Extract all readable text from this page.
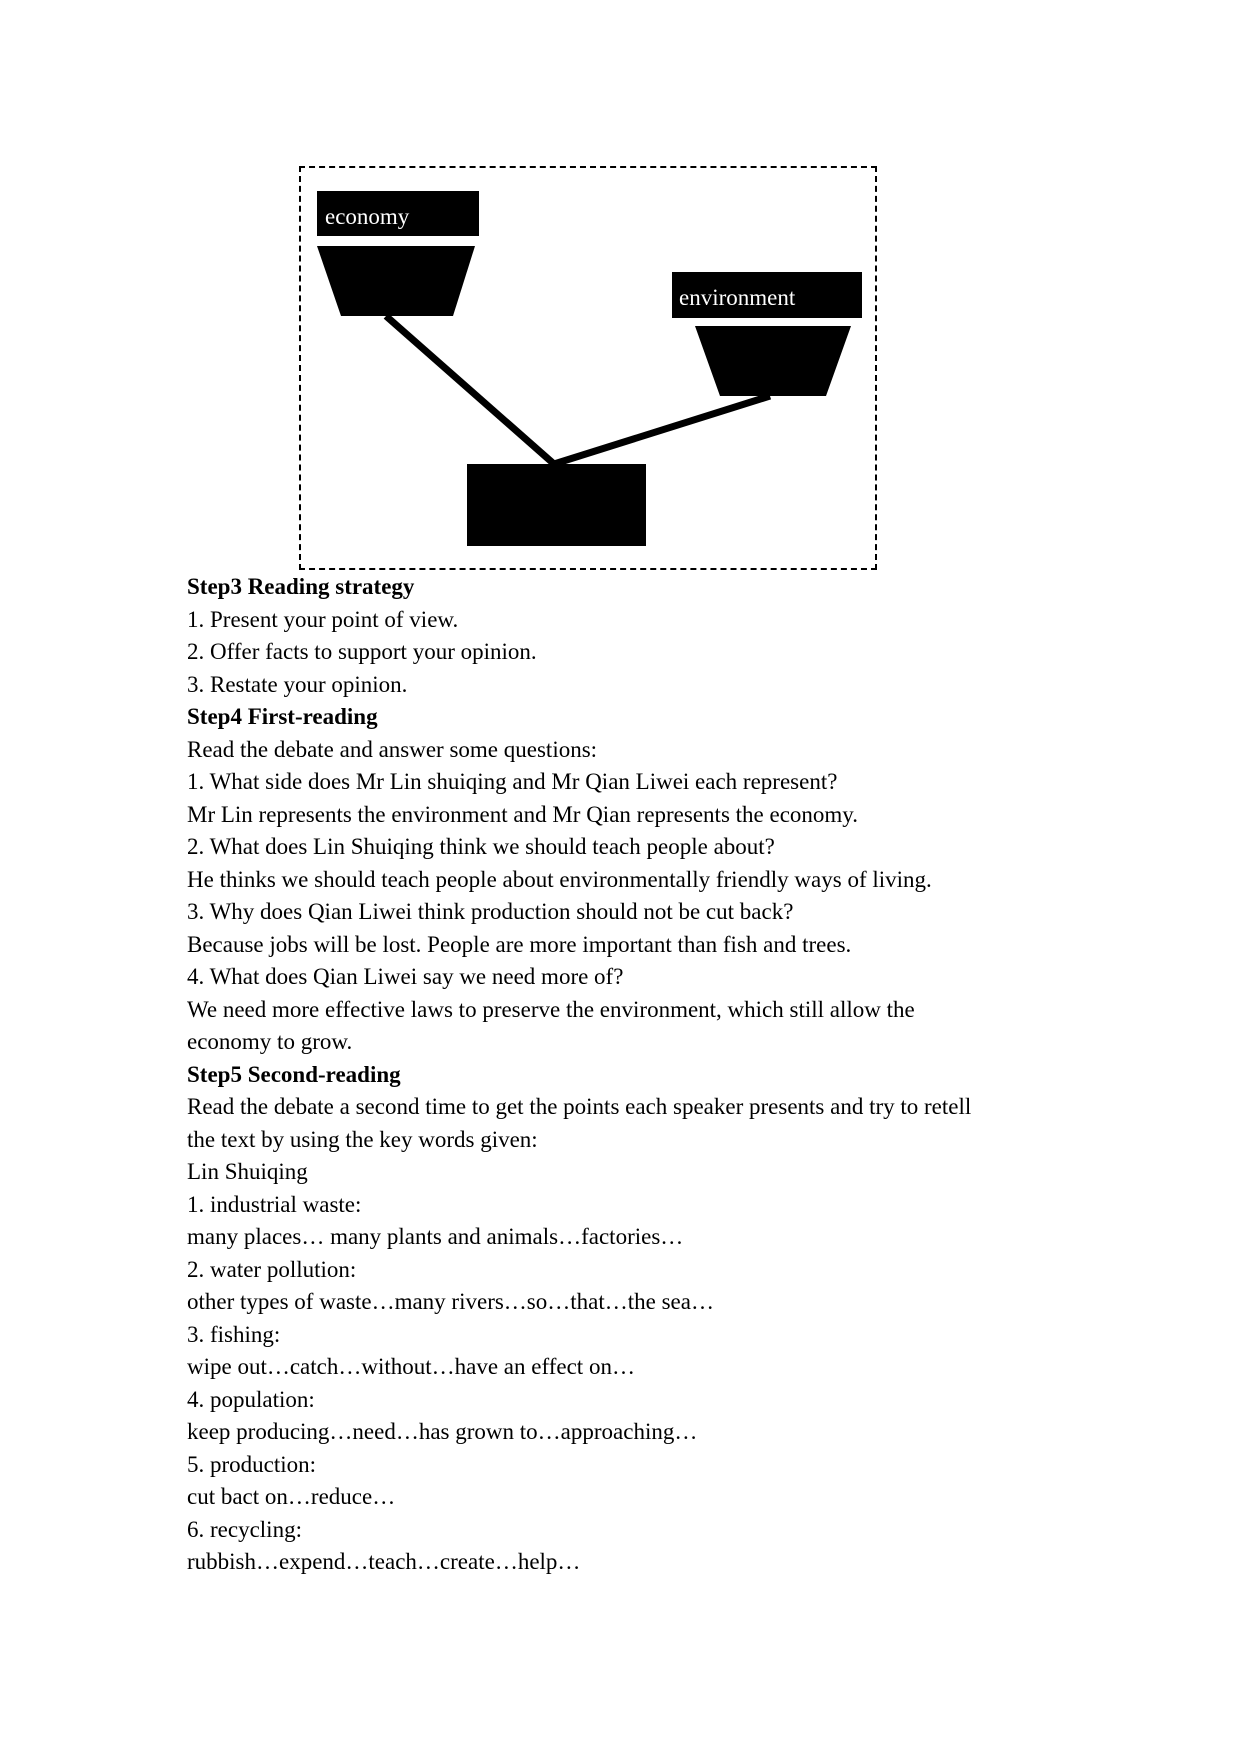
economy
environment
Step3 Reading strategy
1. Present your point of view.
2. Offer facts to support your opinion.
3. Restate your opinion.
Step4 First-reading
Read the debate and answer some questions:
1. What side does Mr Lin shuiqing and Mr Qian Liwei each represent?
Mr Lin represents the environment and Mr Qian represents the economy.
2. What does Lin Shuiqing think we should teach people about?
He thinks we should teach people about environmentally friendly ways of living.
3. Why does Qian Liwei think production should not be cut back?
Because jobs will be lost. People are more important than fish and trees.
4. What does Qian Liwei say we need more of?
We need more effective laws to preserve the environment, which still allow the
economy to grow.
Step5 Second-reading
Read the debate a second time to get the points each speaker presents and try to retell
the text by using the key words given:
Lin Shuiqing
1. industrial waste:
many places… many plants and animals…factories…
2. water pollution:
other types of waste…many rivers…so…that…the sea…
3. fishing:
wipe out…catch…without…have an effect on…
4. population:
keep producing…need…has grown to…approaching…
5. production:
cut bact on…reduce…
6. recycling:
rubbish…expend…teach…create…help…
